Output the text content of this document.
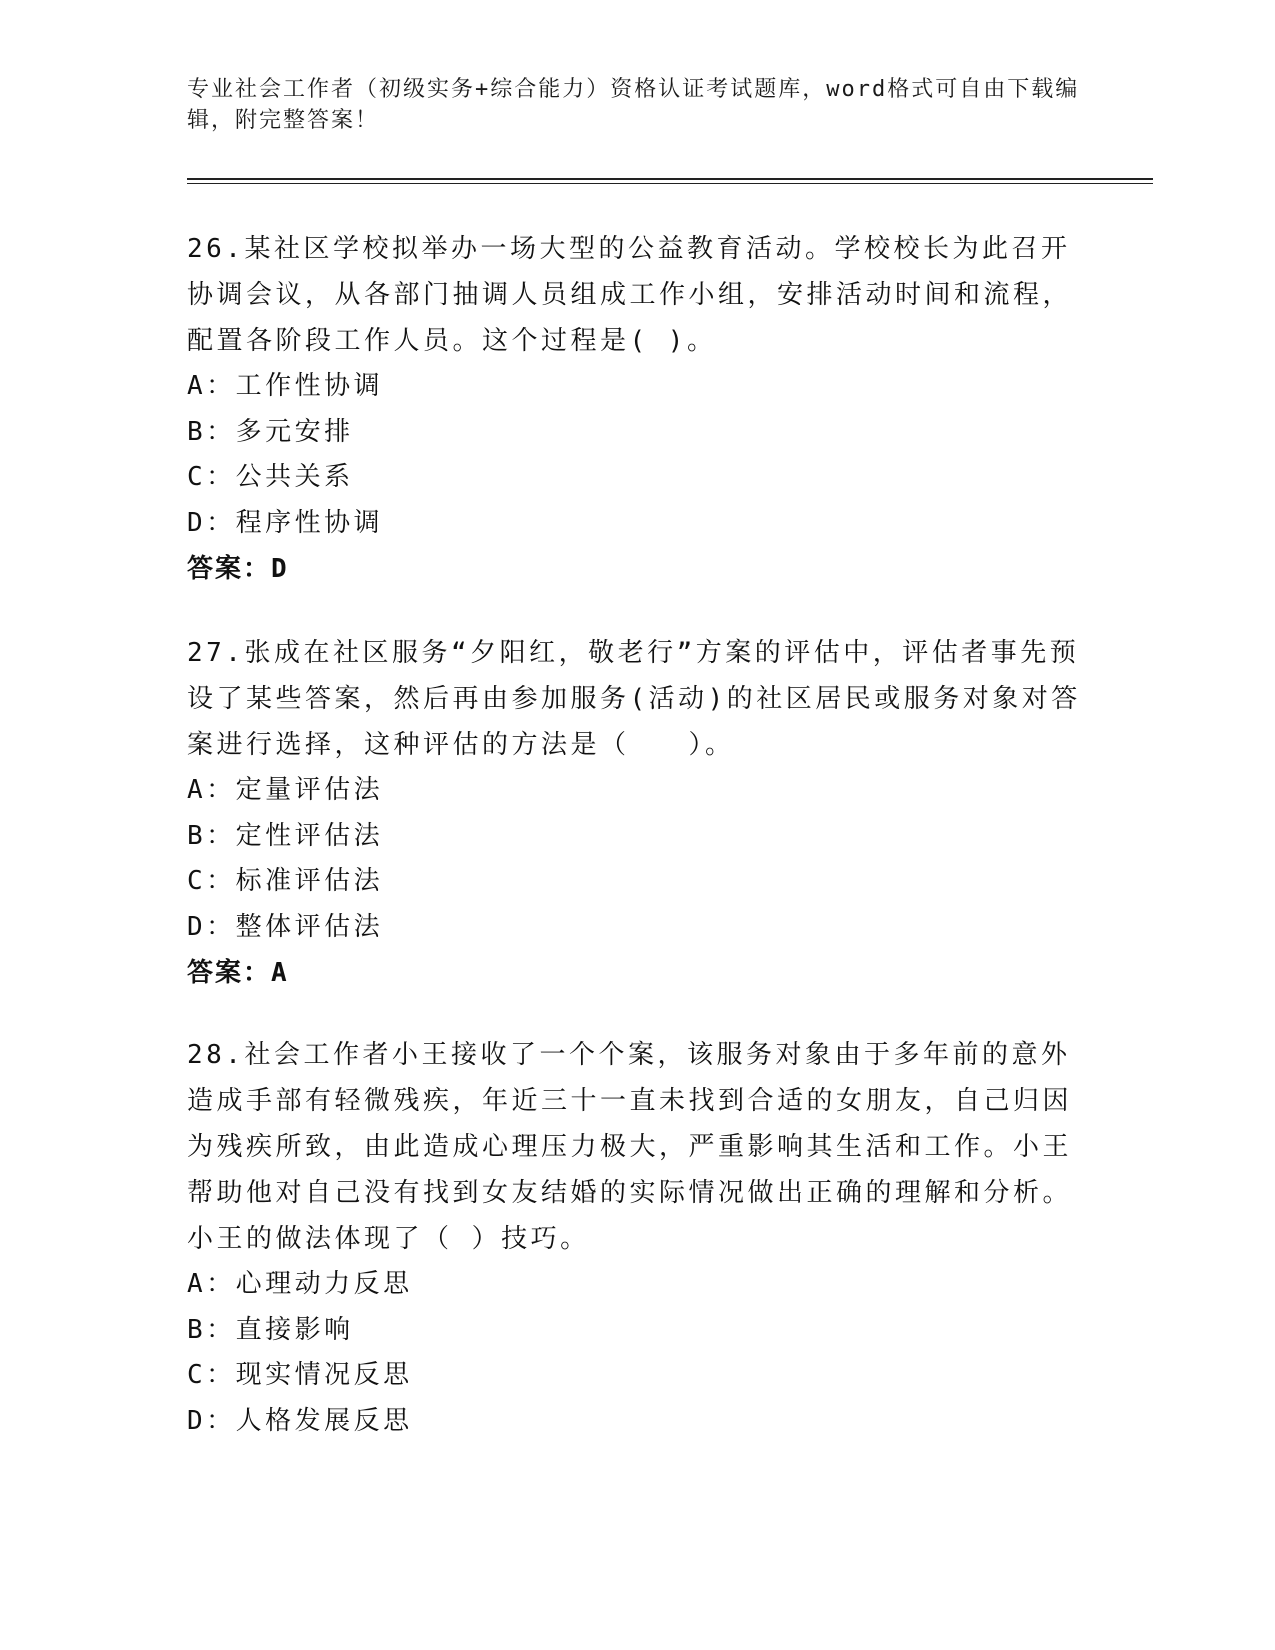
专业社会工作者（初级实务+综合能力）资格认证考试题库，word格式可自由下载编辑，附完整答案！

26.某社区学校拟举办一场大型的公益教育活动。学校校长为此召开协调会议，从各部门抽调人员组成工作小组，安排活动时间和流程，配置各阶段工作人员。这个过程是( )。

A：工作性协调
B：多元安排
C：公共关系
D：程序性协调
答案：D

27.张成在社区服务“夕阳红，敬老行”方案的评估中，评估者事先预设了某些答案，然后再由参加服务(活动)的社区居民或服务对象对答案进行选择，这种评估的方法是（　　）。

A：定量评估法
B：定性评估法
C：标准评估法
D：整体评估法
答案：A

28.社会工作者小王接收了一个个案，该服务对象由于多年前的意外造成手部有轻微残疾，年近三十一直未找到合适的女朋友，自己归因为残疾所致，由此造成心理压力极大，严重影响其生活和工作。小王帮助他对自己没有找到女友结婚的实际情况做出正确的理解和分析。小王的做法体现了（ ）技巧。

A：心理动力反思
B：直接影响
C：现实情况反思
D：人格发展反思
